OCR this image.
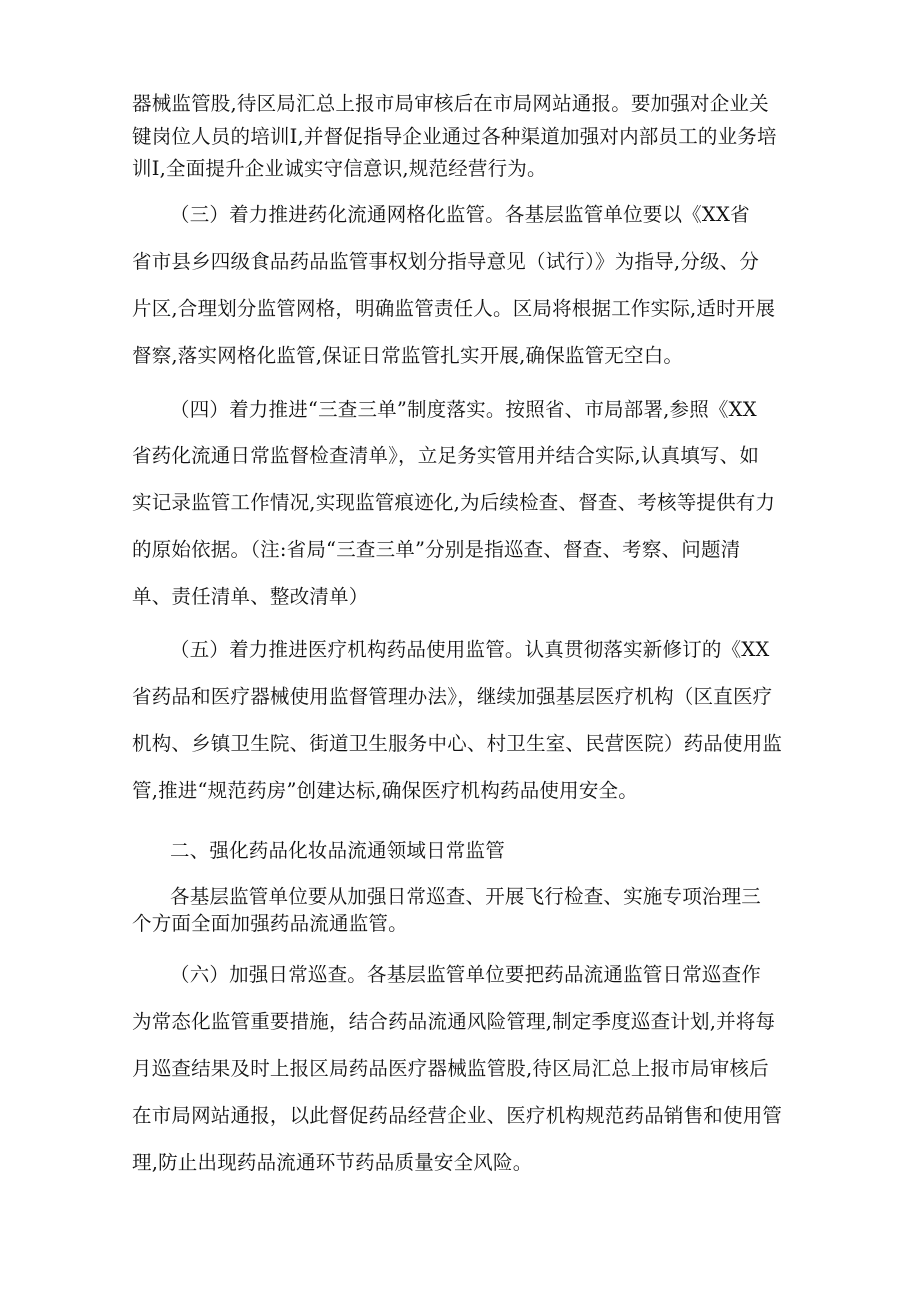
器械监管股,待区局汇总上报市局审核后在市局网站通报。要加强对企业关
键岗位人员的培训I,并督促指导企业通过各种渠道加强对内部员工的业务培
训I,全面提升企业诚实守信意识,规范经营行为。
（三）着力推进药化流通网格化监管。各基层监管单位要以《XX省
省市县乡四级食品药品监管事权划分指导意见（试行）》为指导,分级、分
片区,合理划分监管网格，明确监管责任人。区局将根据工作实际,适时开展
督察,落实网格化监管,保证日常监管扎实开展,确保监管无空白。
（四）着力推进“三查三单”制度落实。按照省、市局部署,参照《XX
省药化流通日常监督检查清单》，立足务实管用并结合实际,认真填写、如
实记录监管工作情况,实现监管痕迹化,为后续检查、督查、考核等提供有力
的原始依据。（注:省局“三查三单”分别是指巡查、督查、考察、问题清
单、责任清单、整改清单）
（五）着力推进医疗机构药品使用监管。认真贯彻落实新修订的《XX
省药品和医疗器械使用监督管理办法》，继续加强基层医疗机构（区直医疗
机构、乡镇卫生院、街道卫生服务中心、村卫生室、民营医院）药品使用监
管,推进“规范药房”创建达标,确保医疗机构药品使用安全。
二、强化药品化妆品流通领域日常监管
各基层监管单位要从加强日常巡查、开展飞行检查、实施专项治理三
个方面全面加强药品流通监管。
（六）加强日常巡查。各基层监管单位要把药品流通监管日常巡查作
为常态化监管重要措施，结合药品流通风险管理,制定季度巡查计划,并将每
月巡查结果及时上报区局药品医疗器械监管股,待区局汇总上报市局审核后
在市局网站通报，以此督促药品经营企业、医疗机构规范药品销售和使用管
理,防止出现药品流通环节药品质量安全风险。
